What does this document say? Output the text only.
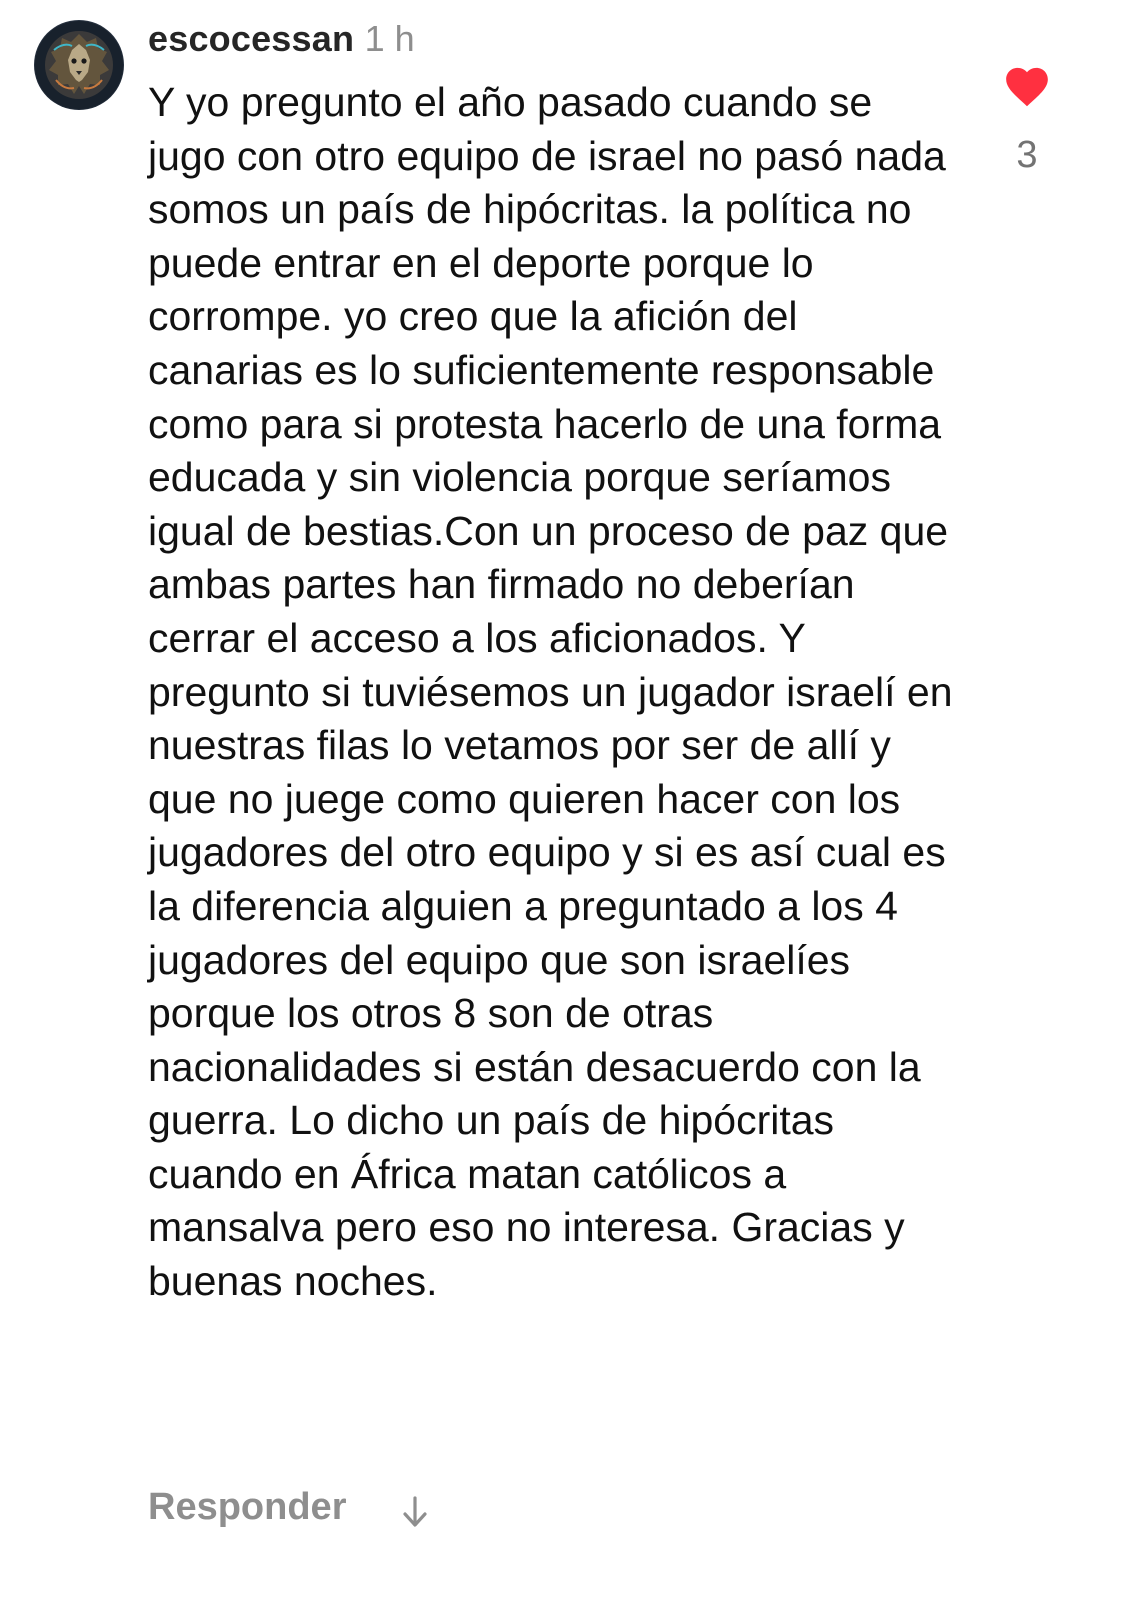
escocessan 1 h
Y yo pregunto el año pasado cuando se jugo con otro equipo de israel no pasó nada somos un país de hipócritas. la política no puede entrar en el deporte porque lo corrompe. yo creo que la afición del canarias es lo suficientemente responsable como para si protesta hacerlo de una forma educada y sin violencia porque seríamos igual de bestias.Con un proceso de paz que ambas partes han firmado no deberían cerrar el acceso a los aficionados. Y pregunto si tuviésemos un jugador israelí en nuestras filas lo vetamos por ser de allí y que no juege como quieren hacer con los jugadores del otro equipo y si es así cual es la diferencia alguien a preguntado a los 4 jugadores del equipo que son israelíes porque los otros 8 son de otras nacionalidades si están desacuerdo con la guerra. Lo dicho un país de hipócritas cuando en África matan católicos a mansalva pero eso no interesa. Gracias y buenas noches.
3
Responder
